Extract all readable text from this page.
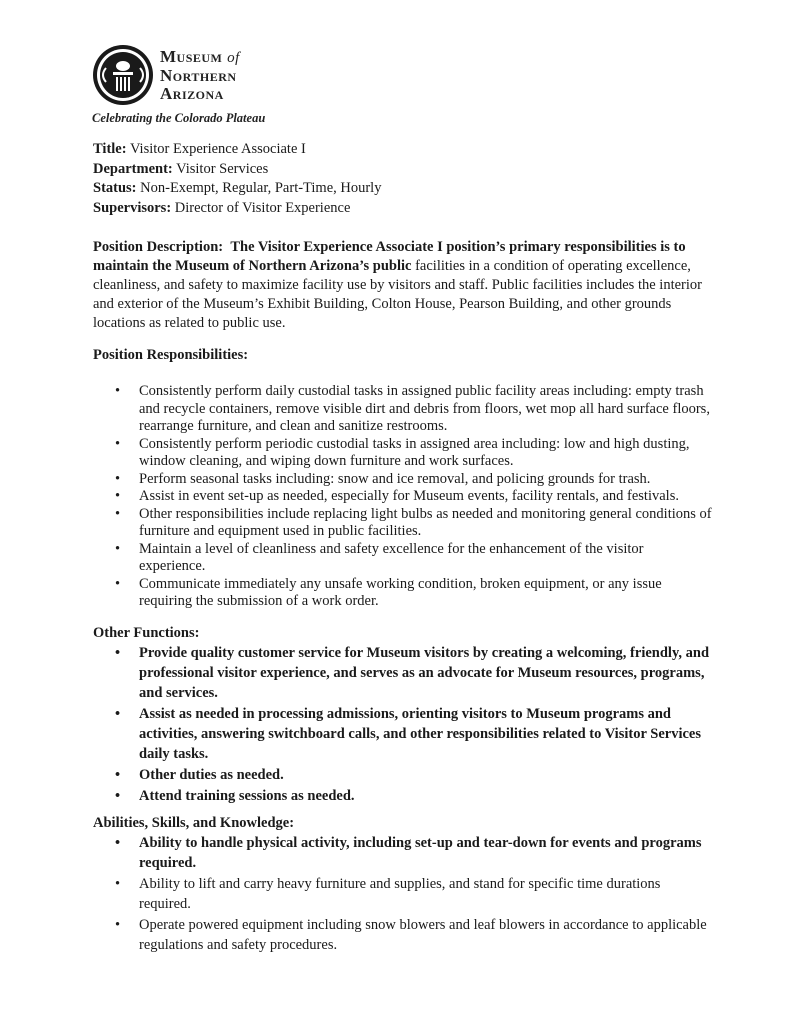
Museum of
Northern
Arizona
Celebrating the Colorado Plateau
Title: Visitor Experience Associate I
Department: Visitor Services
Status: Non-Exempt, Regular, Part-Time, Hourly
Supervisors: Director of Visitor Experience
Position Description: The Visitor Experience Associate I position’s primary responsibilities is to maintain the Museum of Northern Arizona’s public facilities in a condition of operating excellence, cleanliness, and safety to maximize facility use by visitors and staff. Public facilities includes the interior and exterior of the Museum’s Exhibit Building, Colton House, Pearson Building, and other grounds locations as related to public use.
Position Responsibilities:
• Consistently perform daily custodial tasks in assigned public facility areas including: empty trash and recycle containers, remove visible dirt and debris from floors, wet mop all hard surface floors, rearrange furniture, and clean and sanitize restrooms.
• Consistently perform periodic custodial tasks in assigned area including: low and high dusting, window cleaning, and wiping down furniture and work surfaces.
• Perform seasonal tasks including: snow and ice removal, and policing grounds for trash.
• Assist in event set-up as needed, especially for Museum events, facility rentals, and festivals.
• Other responsibilities include replacing light bulbs as needed and monitoring general conditions of furniture and equipment used in public facilities.
• Maintain a level of cleanliness and safety excellence for the enhancement of the visitor experience.
• Communicate immediately any unsafe working condition, broken equipment, or any issue requiring the submission of a work order.
Other Functions:
• Provide quality customer service for Museum visitors by creating a welcoming, friendly, and professional visitor experience, and serves as an advocate for Museum resources, programs, and services.
• Assist as needed in processing admissions, orienting visitors to Museum programs and activities, answering switchboard calls, and other responsibilities related to Visitor Services daily tasks.
• Other duties as needed.
• Attend training sessions as needed.
Abilities, Skills, and Knowledge:
• Ability to handle physical activity, including set-up and tear-down for events and programs required.
• Ability to lift and carry heavy furniture and supplies, and stand for specific time durations required.
• Operate powered equipment including snow blowers and leaf blowers in accordance to applicable regulations and safety procedures.
